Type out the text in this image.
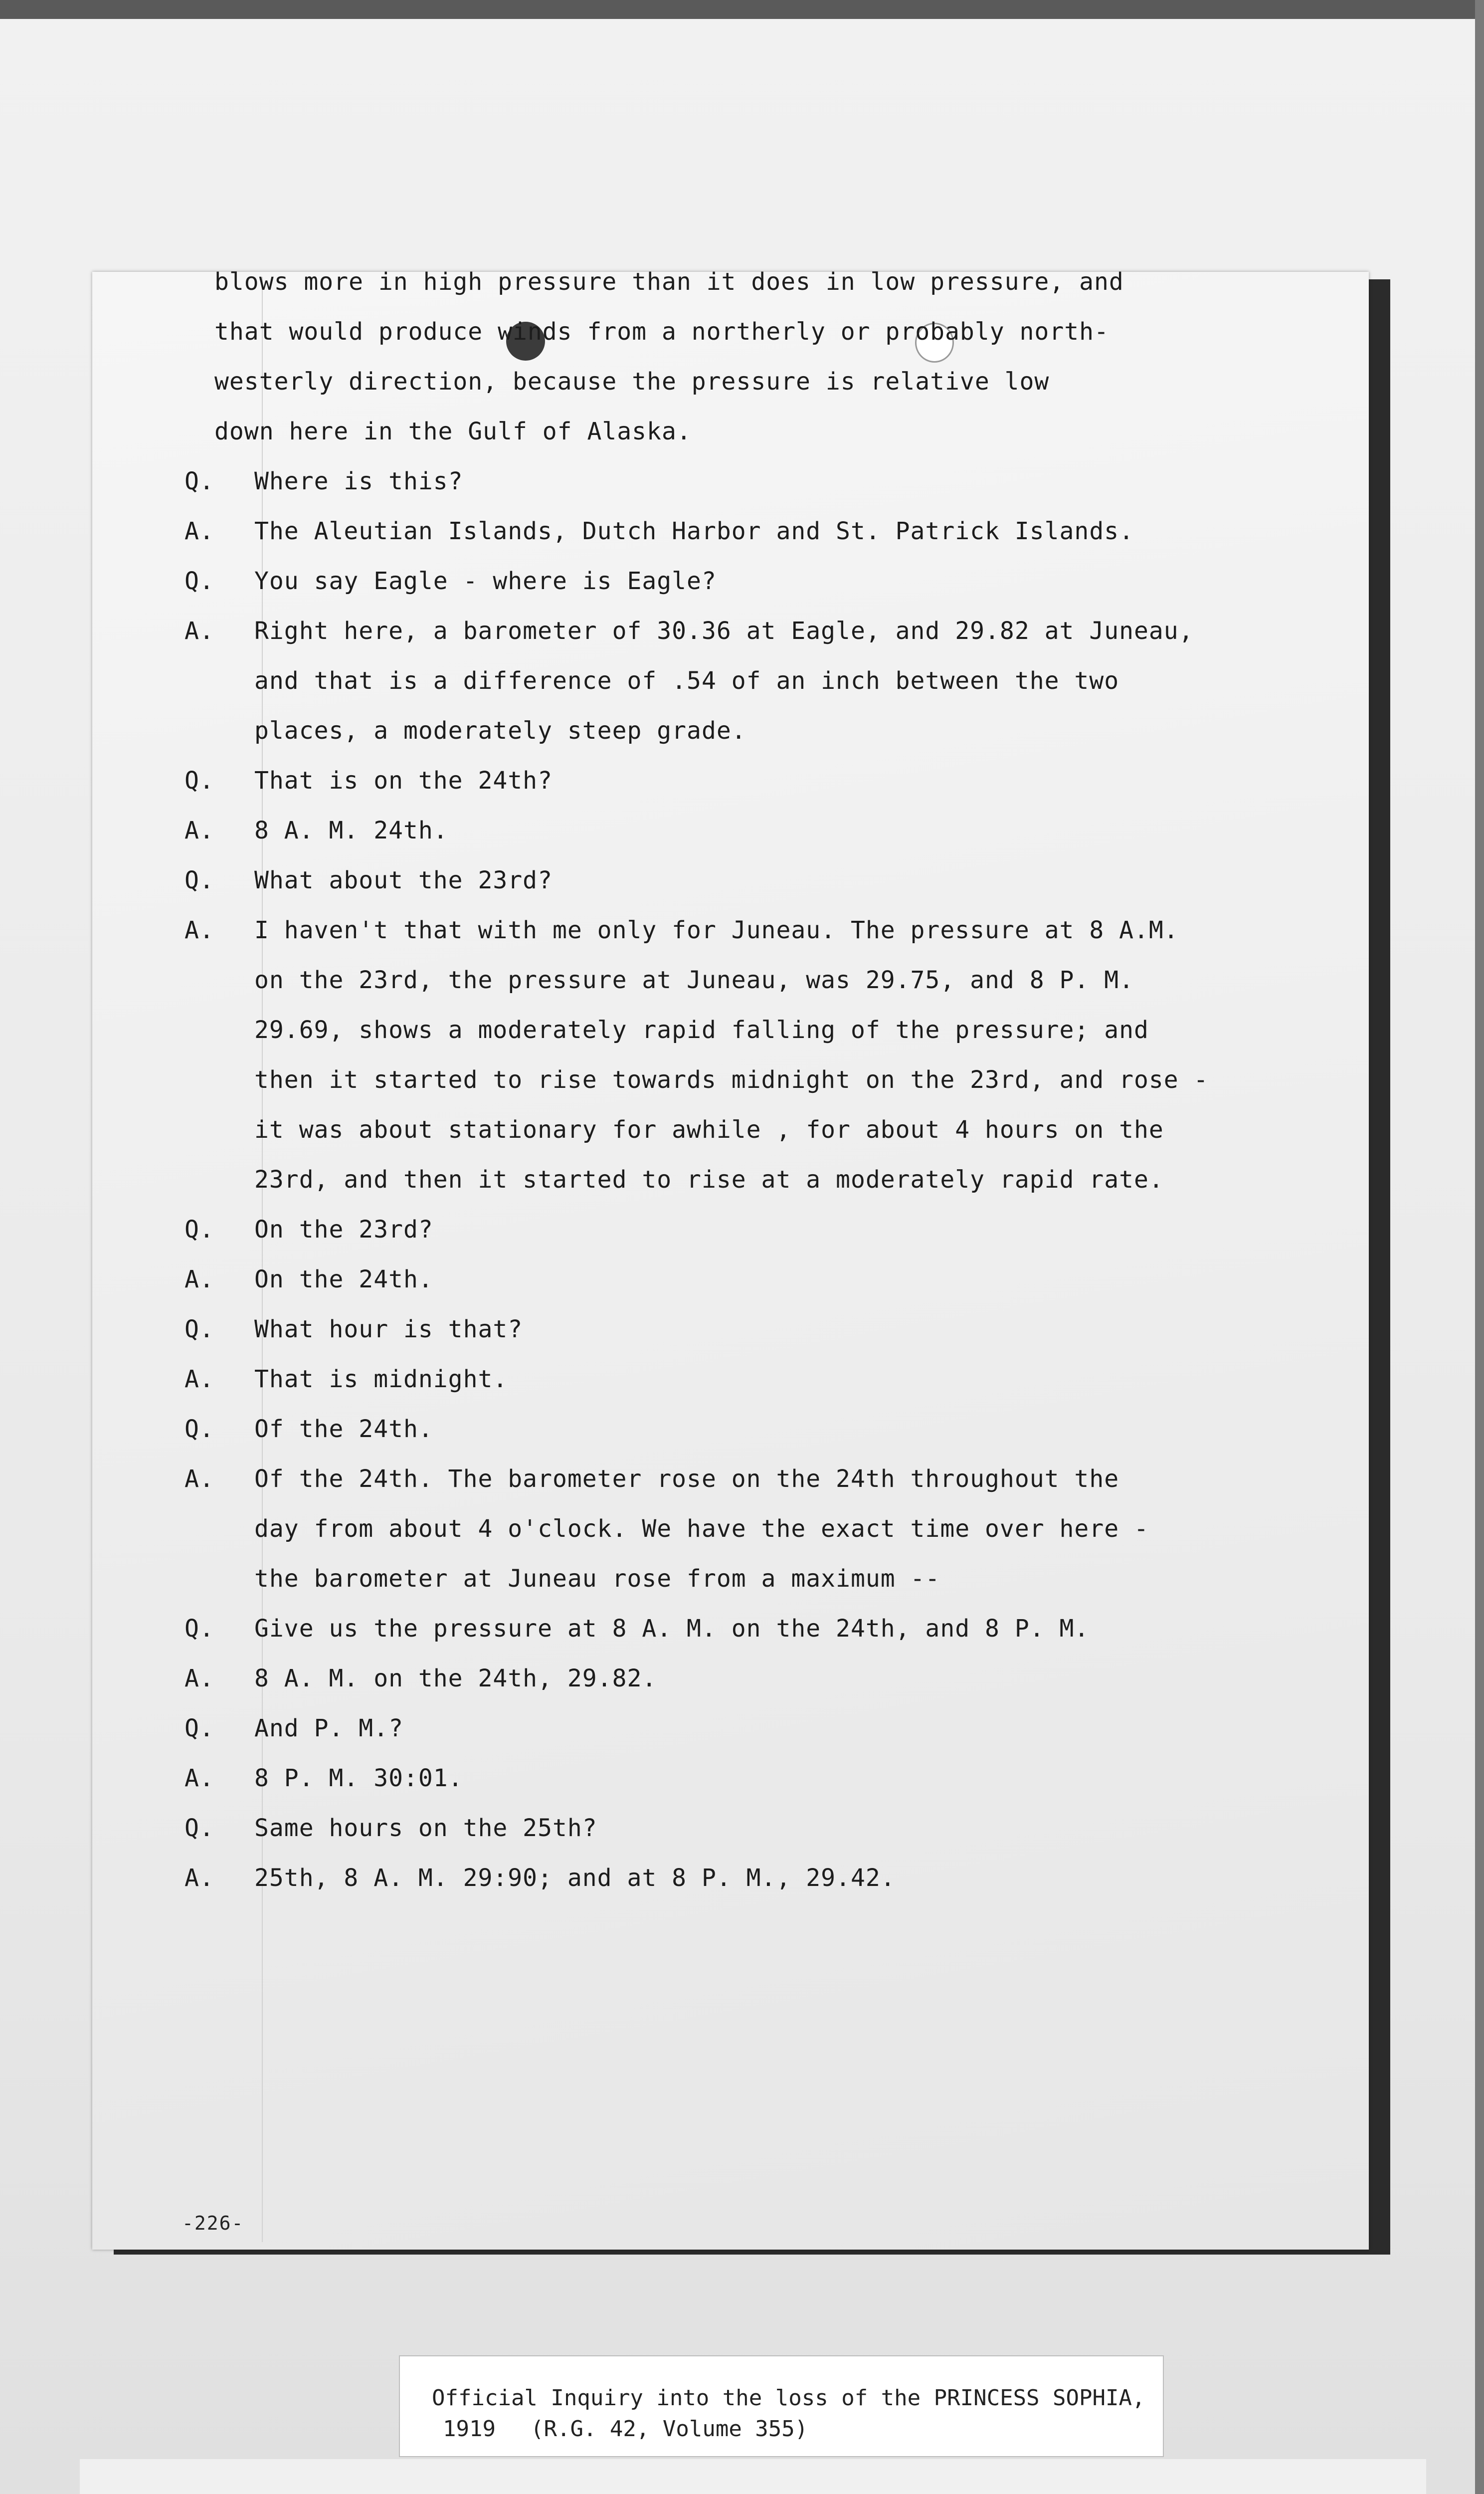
-226-
blows more in high pressure than it does in low pressure, and
that would produce winds from a northerly or probably north-
westerly direction, because the pressure is relative low
down here in the Gulf of Alaska.
Q .	Where is this?
A .	The Aleutian Islands, Dutch Harbor and St. Patrick Islands.
Q .	You say Eagle - where is Eagle?
A .	Right here, a barometer of 30.36 at Eagle, and 29.82 at Juneau,
and that is a difference of .54 of an inch between the two
places, a moderately steep grade.
Q .	That is on the 24th?
A .	8 A. M. 24th.
Q .	What about the 23rd?
A .	I haven't that with me only for Juneau. The pressure at 8 A.M.
on the 23rd, the pressure at Juneau, was 29.75, and 8 P. M.
29.69, shows a moderately rapid falling of the pressure; and
then it started to rise towards midnight on the 23rd, and rose -
it was about stationary for awhile , for about 4 hours on the
23rd, and then it started to rise at a moderately rapid rate.
Q .	On the 23rd?
A .	On the 24th.
Q .	What hour is that?
A .	That is midnight.
Q .	Of the 24th.
A .	Of the 24th. The barometer rose on the 24th throughout the
day from about 4 o'clock. We have the exact time over here -
the barometer at Juneau rose from a maximum --
Q .	Give us the pressure at 8 A. M. on the 24th, and 8 P. M.
A .	8 A. M. on the 24th, 29.82.
Q .	And P. M.?
A .	8 P. M. 30:01.
Q .	Same hours on the 25th?
A .	25th, 8 A. M. 29:90; and at 8 P. M., 29.42.
Official Inquiry into the loss of the PRINCESS SOPHIA,
1919 (R.G. 42, Volume 355)
